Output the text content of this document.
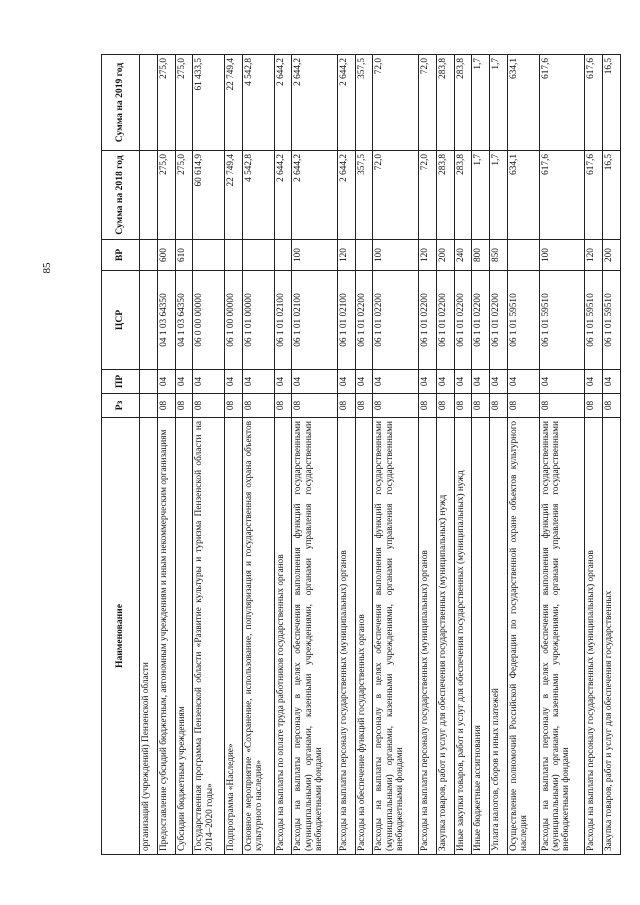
85
Наименование	Рз	ПР	ЦСР	ВР	Сумма на 2018 год	Сумма на 2019 год
организаций (учреждений) Пензенской области						
Предоставление субсидий бюджетным, автономным учреждениям и иным некоммерческим организациям	08	04	04 1 03 64350	600	275,0	275,0
Субсидии бюджетным учреждениям	08	04	04 1 03 64350	610	275,0	275,0
Государственная программа Пензенской области «Развитие культуры и туризма Пензенской области на 2014–2020 годы»	08	04	06 0 00 00000		60 614,9	61 433,5
Подпрограмма «Наследие»	08	04	06 1 00 00000		22 749,4	22 749,4
Основное мероприятие «Сохранение, использование, популяризация и государственная охрана объектов культурного наследия»	08	04	06 1 01 00000		4 542,8	4 542,8
Расходы на выплаты по оплате труда работников государственных органов	08	04	06 1 01 02100		2 644,2	2 644,2
Расходы на выплаты персоналу в целях обеспечения выполнения функций государственными (муниципальными) органами, казенными учреждениями, органами управления государственными внебюджетными фондами	08	04	06 1 01 02100	100	2 644,2	2 644,2
Расходы на выплаты персоналу государственных (муниципальных) органов	08	04	06 1 01 02100	120	2 644,2	2 644,2
Расходы на обеспечение функций государственных органов	08	04	06 1 01 02200		357,5	357,5
Расходы на выплаты персоналу в целях обеспечения выполнения функций государственными (муниципальными) органами, казенными учреждениями, органами управления государственными внебюджетными фондами	08	04	06 1 01 02200	100	72,0	72,0
Расходы на выплаты персоналу государственных (муниципальных) органов	08	04	06 1 01 02200	120	72,0	72,0
Закупка товаров, работ и услуг для обеспечения государственных (муниципальных) нужд	08	04	06 1 01 02200	200	283,8	283,8
Иные закупки товаров, работ и услуг для обеспечения государственных (муниципальных) нужд	08	04	06 1 01 02200	240	283,8	283,8
Иные бюджетные ассигнования	08	04	06 1 01 02200	800	1,7	1,7
Уплата налогов, сборов и иных платежей	08	04	06 1 01 02200	850	1,7	1,7
Осуществление полномочий Российской Федерации по государственной охране объектов культурного наследия	08	04	06 1 01 59510		634,1	634,1
Расходы на выплаты персоналу в целях обеспечения выполнения функций государственными (муниципальными) органами, казенными учреждениями, органами управления государственными внебюджетными фондами	08	04	06 1 01 59510	100	617,6	617,6
Расходы на выплаты персоналу государственных (муниципальных) органов	08	04	06 1 01 59510	120	617,6	617,6
Закупка товаров, работ и услуг для обеспечения государственных	08	04	06 1 01 59510	200	16,5	16,5
